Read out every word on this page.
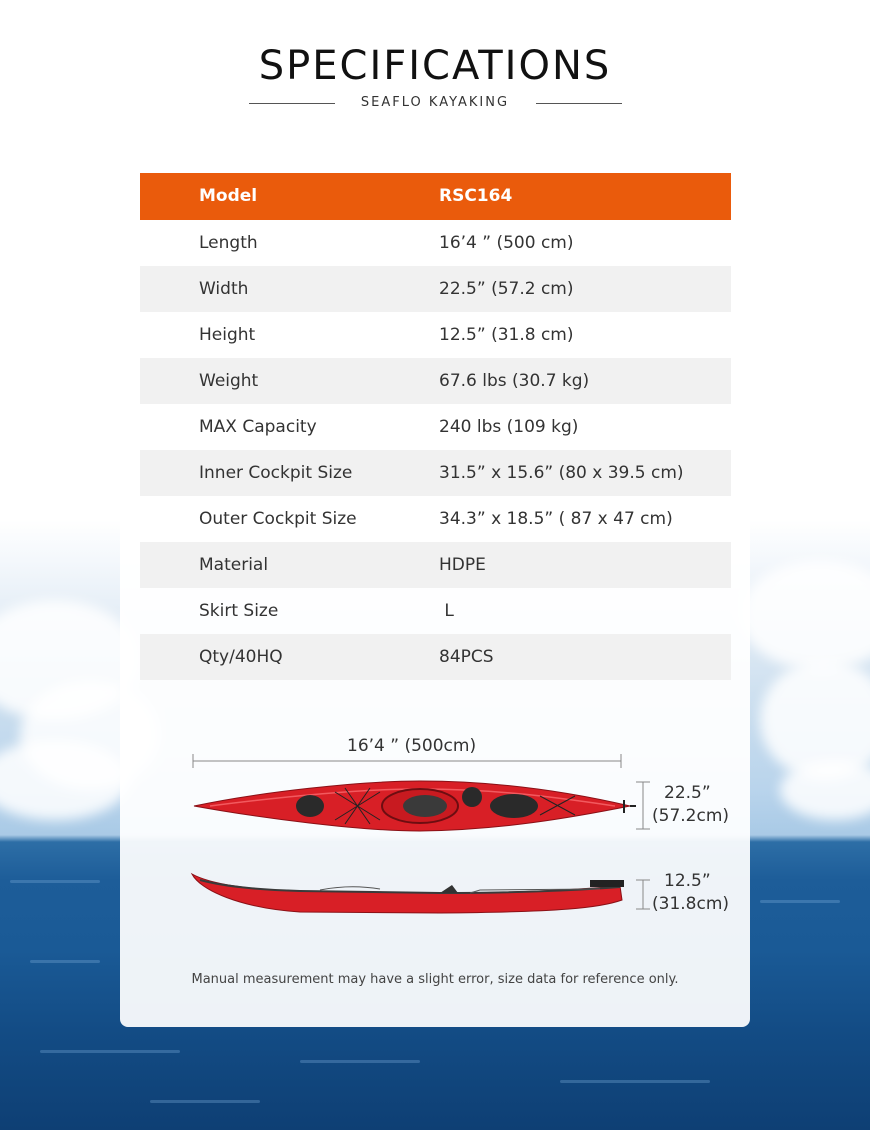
SPECIFICATIONS
SEAFLO KAYAKING
Model	RSC164
Length	16’4 ” (500 cm)
Width	22.5” (57.2 cm)
Height	12.5” (31.8 cm)
Weight	67.6 lbs (30.7 kg)
MAX Capacity	240 lbs (109 kg)
Inner Cockpit Size	31.5” x 15.6” (80 x 39.5 cm)
Outer Cockpit Size	34.3” x 18.5” ( 87 x 47 cm)
Material	HDPE
Skirt Size	L
Qty/40HQ	84PCS
16’4 ” (500cm)
22.5”
(57.2cm)
12.5”
(31.8cm)
Manual measurement may have a slight error, size data for reference only.
